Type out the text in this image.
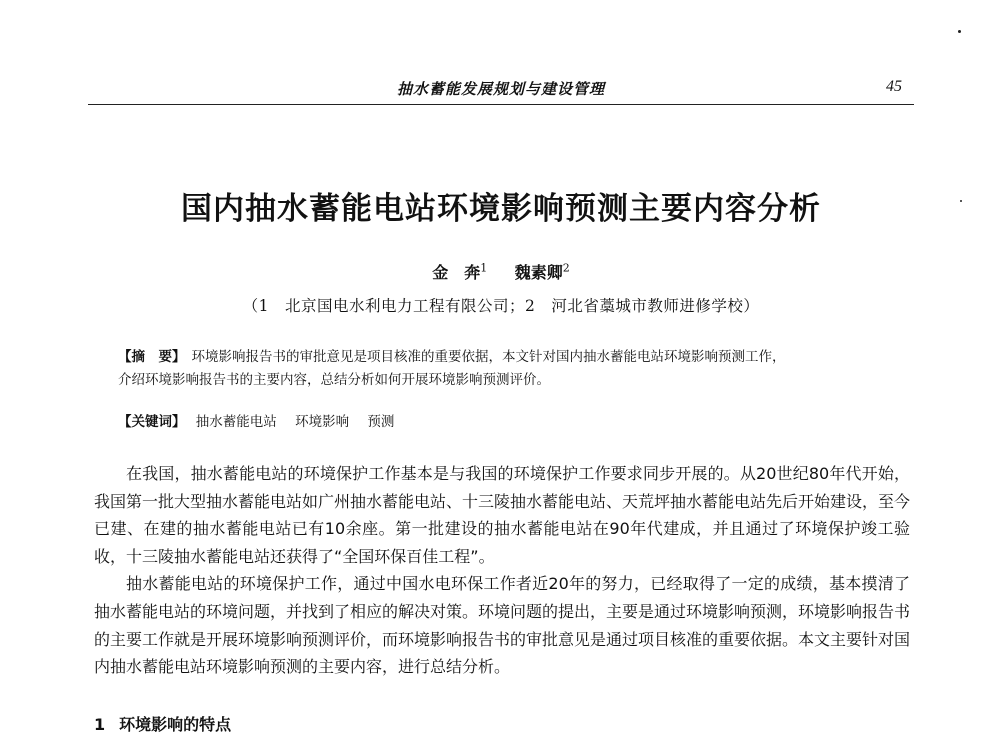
抽水蓄能发展规划与建设管理	45
国内抽水蓄能电站环境影响预测主要内容分析
金　奔$^1$ 魏素卿$^2$
（1　北京国电水利电力工程有限公司；2　河北省藁城市教师进修学校）
【摘　要】 环境影响报告书的审批意见是项目核准的重要依据，本文针对国内抽水蓄能电站环境影响预测工作，
介绍环境影响报告书的主要内容，总结分析如何开展环境影响预测评价。
【关键词】 抽水蓄能电站 环境影响 预测

在我国，抽水蓄能电站的环境保护工作基本是与我国的环境保护工作要求同步开展的。从20世纪80年代开始，我国第一批大型抽水蓄能电站如广州抽水蓄能电站、十三陵抽水蓄能电站、天荒坪抽水蓄能电站先后开始建设，至今已建、在建的抽水蓄能电站已有10余座。第一批建设的抽水蓄能电站在90年代建成，并且通过了环境保护竣工验收，十三陵抽水蓄能电站还获得了“全国环保百佳工程”。

抽水蓄能电站的环境保护工作，通过中国水电环保工作者近20年的努力，已经取得了一定的成绩，基本摸清了抽水蓄能电站的环境问题，并找到了相应的解决对策。环境问题的提出，主要是通过环境影响预测，环境影响报告书的主要工作就是开展环境影响预测评价，而环境影响报告书的审批意见是通过项目核准的重要依据。本文主要针对国内抽水蓄能电站环境影响预测的主要内容，进行总结分析。

1 环境影响的特点
